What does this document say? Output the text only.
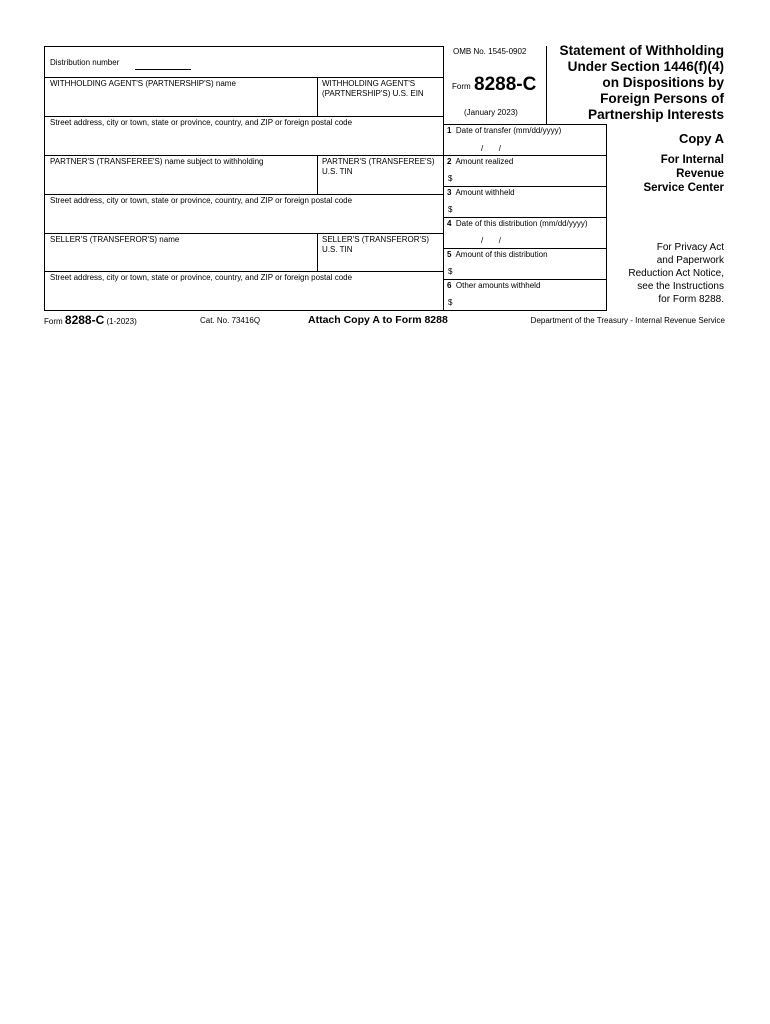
Distribution number
WITHHOLDING AGENT'S (PARTNERSHIP'S) name	WITHHOLDING AGENT'S
(PARTNERSHIP'S) U.S. EIN
Street address, city or town, state or province, country, and ZIP or foreign postal code
PARTNER'S (TRANSFEREE'S) name subject to withholding	PARTNER'S (TRANSFEREE'S)
U.S. TIN
Street address, city or town, state or province, country, and ZIP or foreign postal code
SELLER'S (TRANSFEROR'S) name	SELLER'S (TRANSFEROR'S)
U.S. TIN
Street address, city or town, state or province, country, and ZIP or foreign postal code
OMB No. 1545-0902
Form 8288-C
(January 2023)
Statement of Withholding
Under Section 1446(f)(4)
on Dispositions by
Foreign Persons of
Partnership Interests
1 Date of transfer (mm/dd/yyyy)
/       /
2 Amount realized
$
3 Amount withheld
$
4 Date of this distribution (mm/dd/yyyy)
/       /
5 Amount of this distribution
$
6 Other amounts withheld
$
Copy A
For Internal
Revenue
Service Center
For Privacy Act
and Paperwork
Reduction Act Notice,
see the Instructions
for Form 8288.
Form 8288-C (1-2023)	Cat. No. 73416Q	Attach Copy A to Form 8288	Department of the Treasury - Internal Revenue Service
